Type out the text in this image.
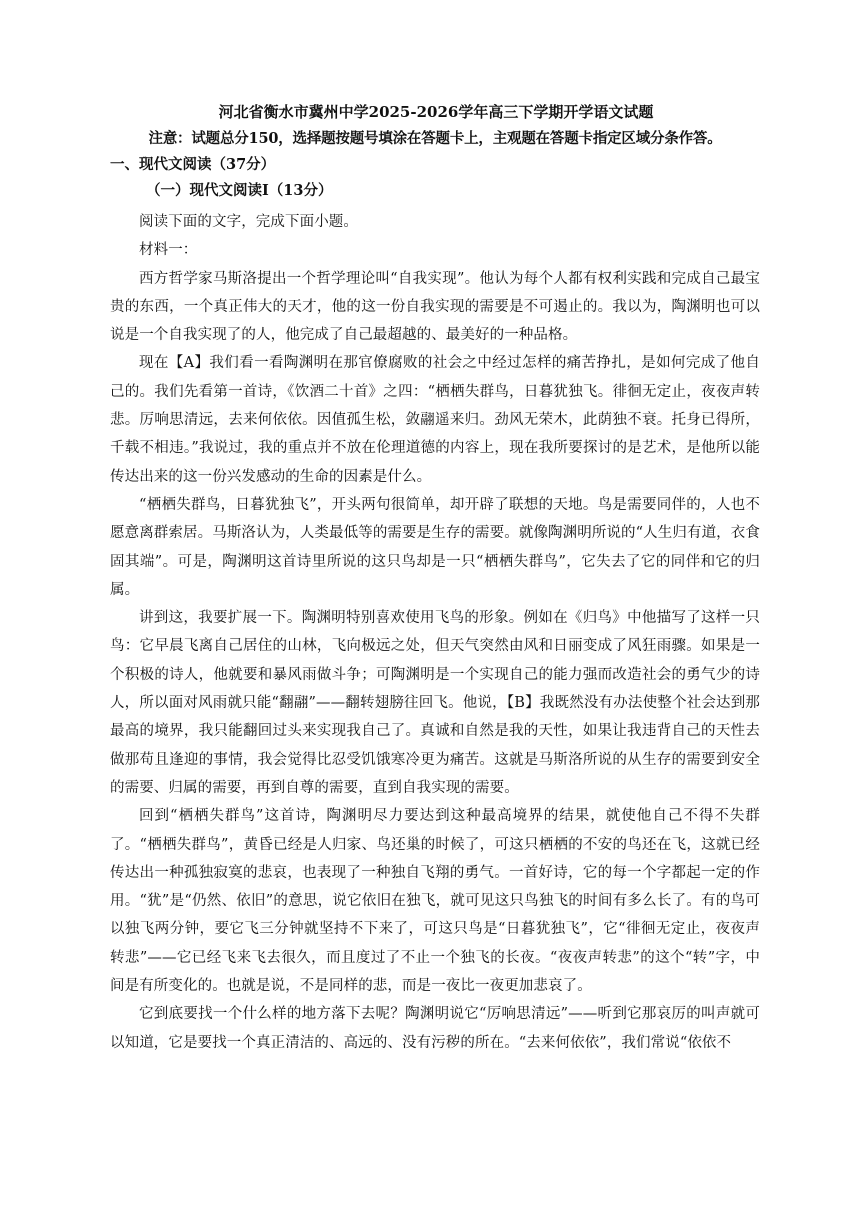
河北省衡水市冀州中学2025-2026学年高三下学期开学语文试题
注意：试题总分150，选择题按题号填涂在答题卡上，主观题在答题卡指定区域分条作答。
一、现代文阅读（37分）
（一）现代文阅读Ⅰ（13分）

阅读下面的文字，完成下面小题。

材料一：

西方哲学家马斯洛提出一个哲学理论叫“自我实现”。他认为每个人都有权利实践和完成自己最宝贵的东西，一个真正伟大的天才，他的这一份自我实现的需要是不可遏止的。我以为，陶渊明也可以说是一个自我实现了的人，他完成了自己最超越的、最美好的一种品格。

现在【A】我们看一看陶渊明在那官僚腐败的社会之中经过怎样的痛苦挣扎，是如何完成了他自己的。我们先看第一首诗，《饮酒二十首》之四：“栖栖失群鸟，日暮犹独飞。徘徊无定止，夜夜声转悲。厉响思清远，去来何依依。因值孤生松，敛翮遥来归。劲风无荣木，此荫独不衰。托身已得所，千载不相违。”我说过，我的重点并不放在伦理道德的内容上，现在我所要探讨的是艺术，是他所以能传达出来的这一份兴发感动的生命的因素是什么。

“栖栖失群鸟，日暮犹独飞”，开头两句很简单，却开辟了联想的天地。鸟是需要同伴的，人也不愿意离群索居。马斯洛认为，人类最低等的需要是生存的需要。就像陶渊明所说的“人生归有道，衣食固其端”。可是，陶渊明这首诗里所说的这只鸟却是一只“栖栖失群鸟”，它失去了它的同伴和它的归属。

讲到这，我要扩展一下。陶渊明特别喜欢使用飞鸟的形象。例如在《归鸟》中他描写了这样一只鸟：它早晨飞离自己居住的山林，飞向极远之处，但天气突然由风和日丽变成了风狂雨骤。如果是一个积极的诗人，他就要和暴风雨做斗争；可陶渊明是一个实现自己的能力强而改造社会的勇气少的诗人，所以面对风雨就只能“翻翮”——翻转翅膀往回飞。他说，【B】我既然没有办法使整个社会达到那最高的境界，我只能翻回过头来实现我自己了。真诚和自然是我的天性，如果让我违背自己的天性去做那苟且逢迎的事情，我会觉得比忍受饥饿寒冷更为痛苦。这就是马斯洛所说的从生存的需要到安全的需要、归属的需要，再到自尊的需要，直到自我实现的需要。

回到“栖栖失群鸟”这首诗，陶渊明尽力要达到这种最高境界的结果，就使他自己不得不失群了。“栖栖失群鸟”，黄昏已经是人归家、鸟还巢的时候了，可这只栖栖的不安的鸟还在飞，这就已经传达出一种孤独寂寞的悲哀，也表现了一种独自飞翔的勇气。一首好诗，它的每一个字都起一定的作用。“犹”是“仍然、依旧”的意思，说它依旧在独飞，就可见这只鸟独飞的时间有多么长了。有的鸟可以独飞两分钟，要它飞三分钟就坚持不下来了，可这只鸟是“日暮犹独飞”，它“徘徊无定止，夜夜声转悲”——它已经飞来飞去很久，而且度过了不止一个独飞的长夜。“夜夜声转悲”的这个“转”字，中间是有所变化的。也就是说，不是同样的悲，而是一夜比一夜更加悲哀了。

它到底要找一个什么样的地方落下去呢？陶渊明说它“厉响思清远”——听到它那哀厉的叫声就可以知道，它是要找一个真正清洁的、高远的、没有污秽的所在。“去来何依依”，我们常说“依依不
